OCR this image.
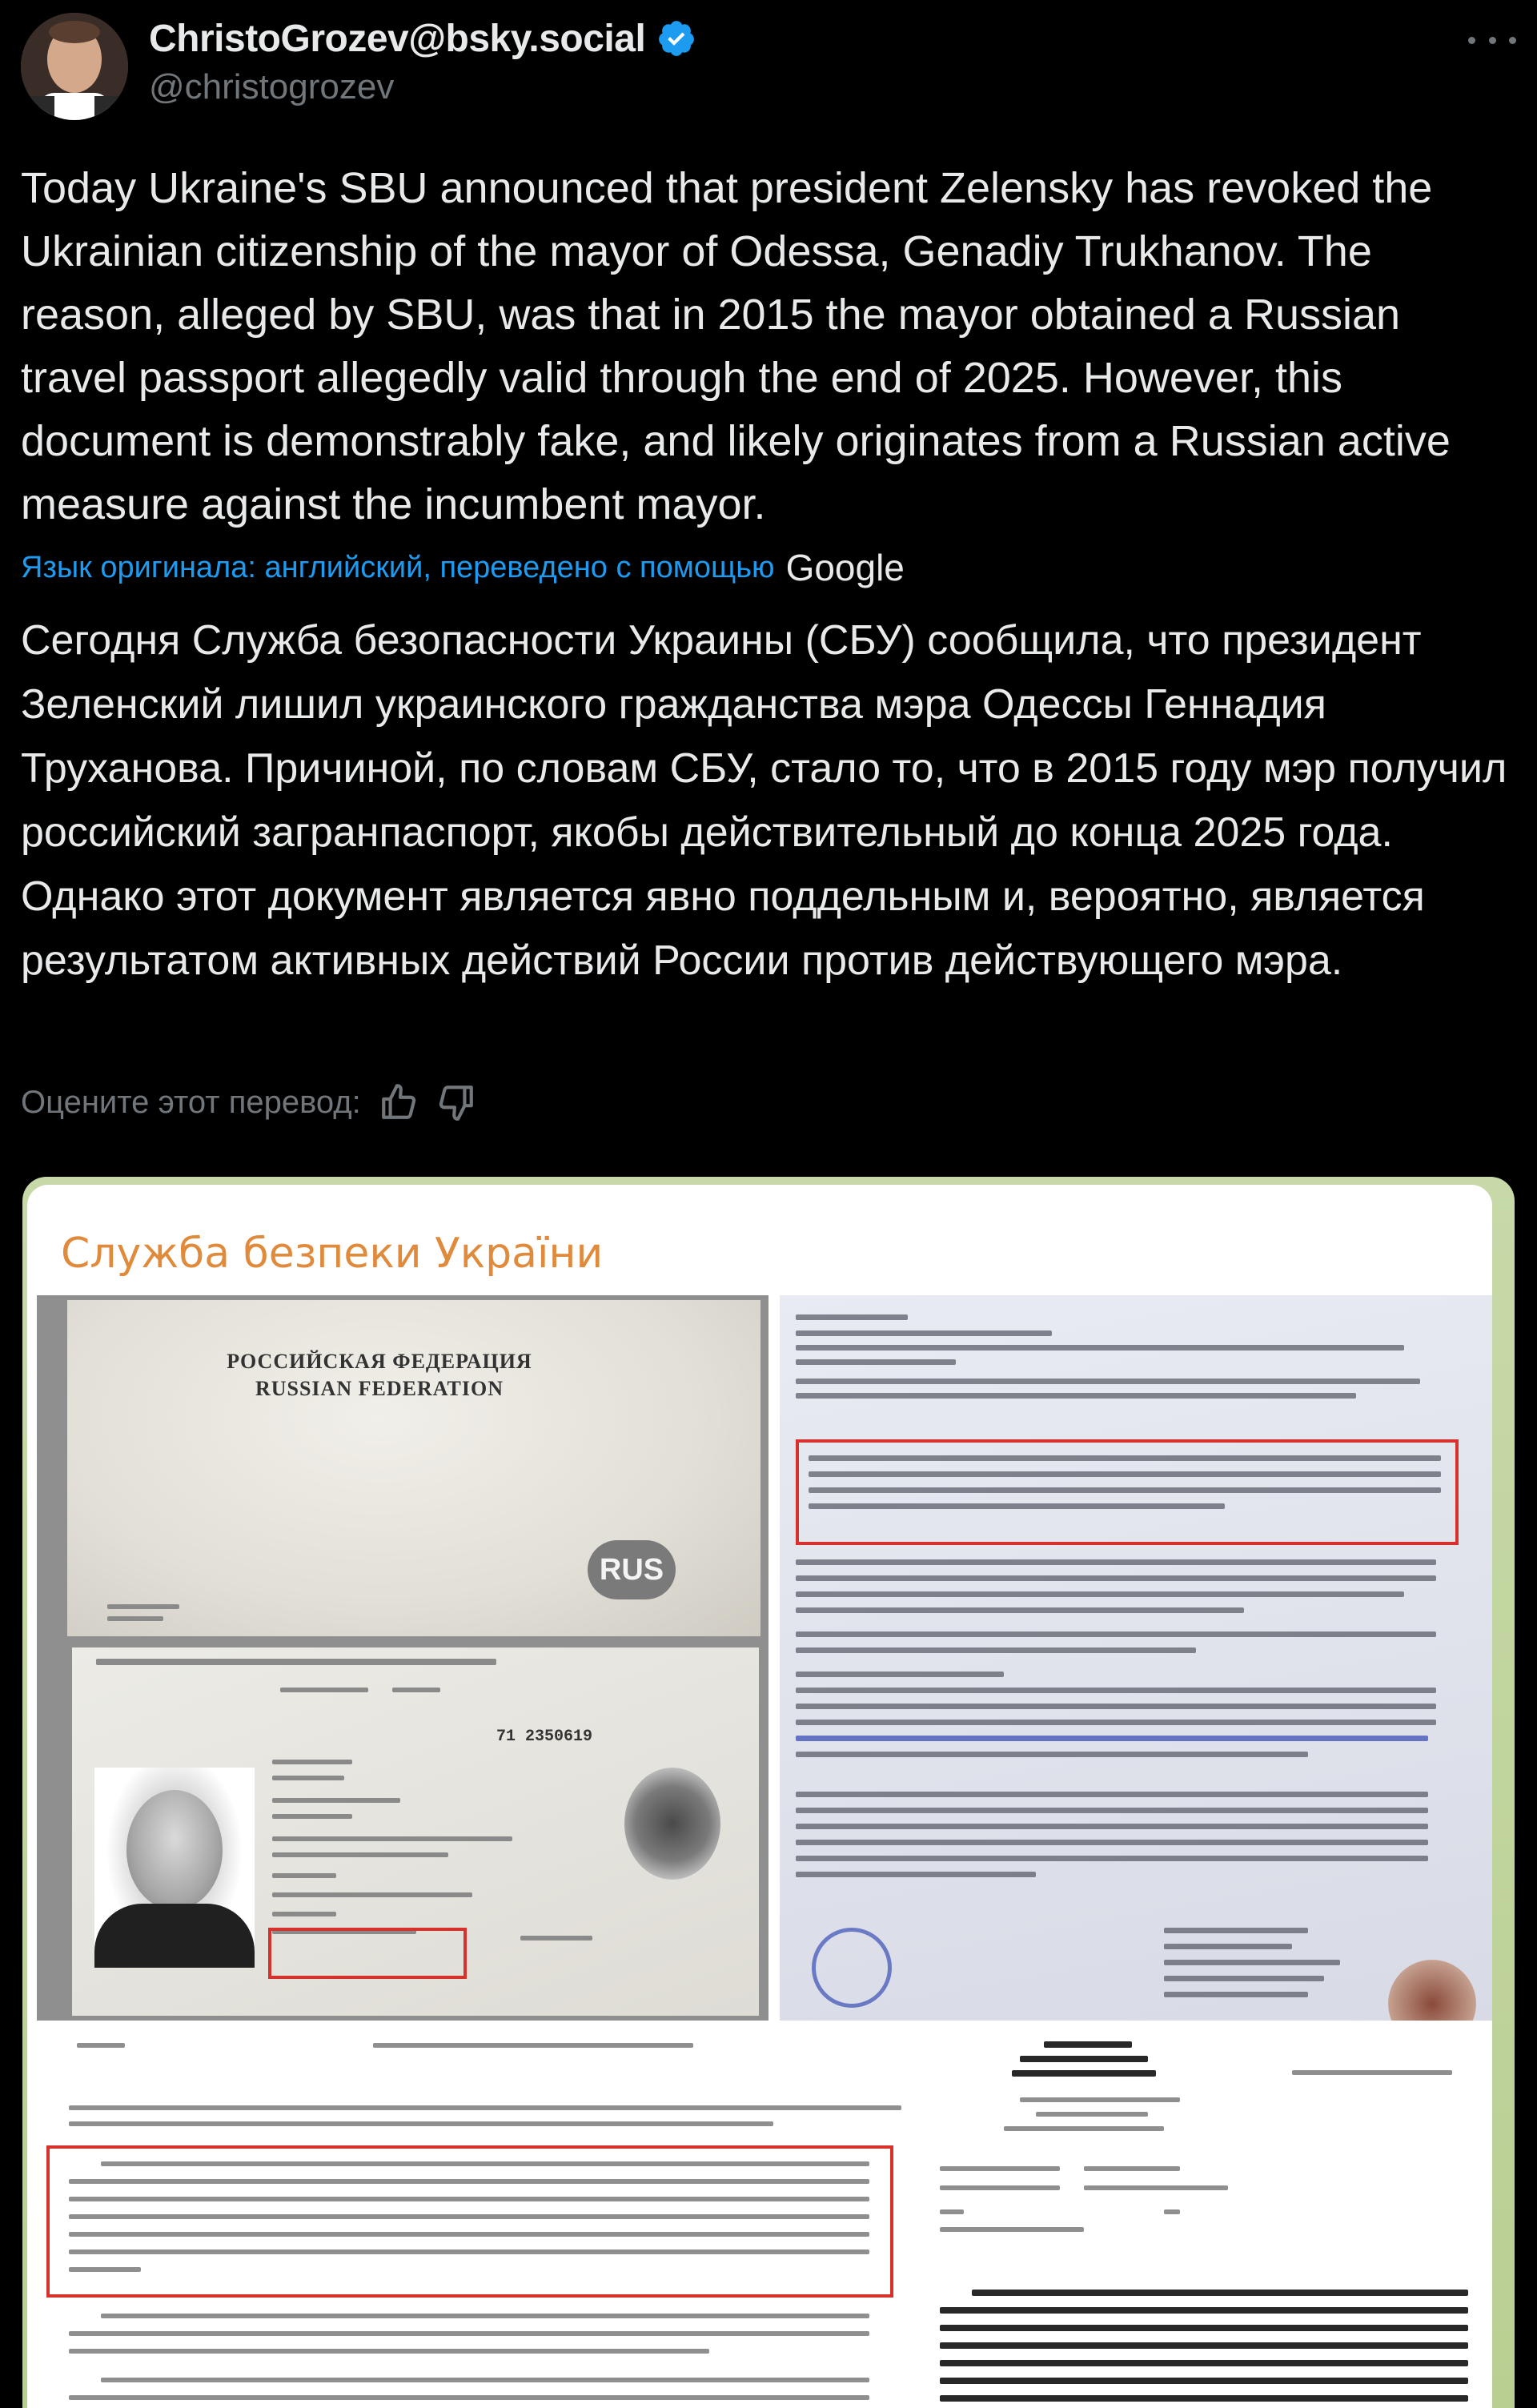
ChristoGrozev@bsky.social
@christogrozev

Today Ukraine's SBU announced that president Zelensky has revoked the Ukrainian citizenship of the mayor of Odessa, Genadiy Trukhanov. The reason, alleged by SBU, was that in 2015 the mayor obtained a Russian travel passport allegedly valid through the end of 2025. However, this document is demonstrably fake, and likely originates from a Russian active measure against the incumbent mayor.

Язык оригинала: английский, переведено с помощью Google

Сегодня Служба безопасности Украины (СБУ) сообщила, что президент Зеленский лишил украинского гражданства мэра Одессы Геннадия Труханова. Причиной, по словам СБУ, стало то, что в 2015 году мэр получил российский загранпаспорт, якобы действительный до конца 2025 года. Однако этот документ является явно поддельным и, вероятно, является результатом активных действий России против действующего мэра.

Оцените этот перевод:
Служба безпеки України
РОССИЙСКАЯ ФЕДЕРАЦИЯ
RUSSIAN FEDERATION
RUS
71 2350619
